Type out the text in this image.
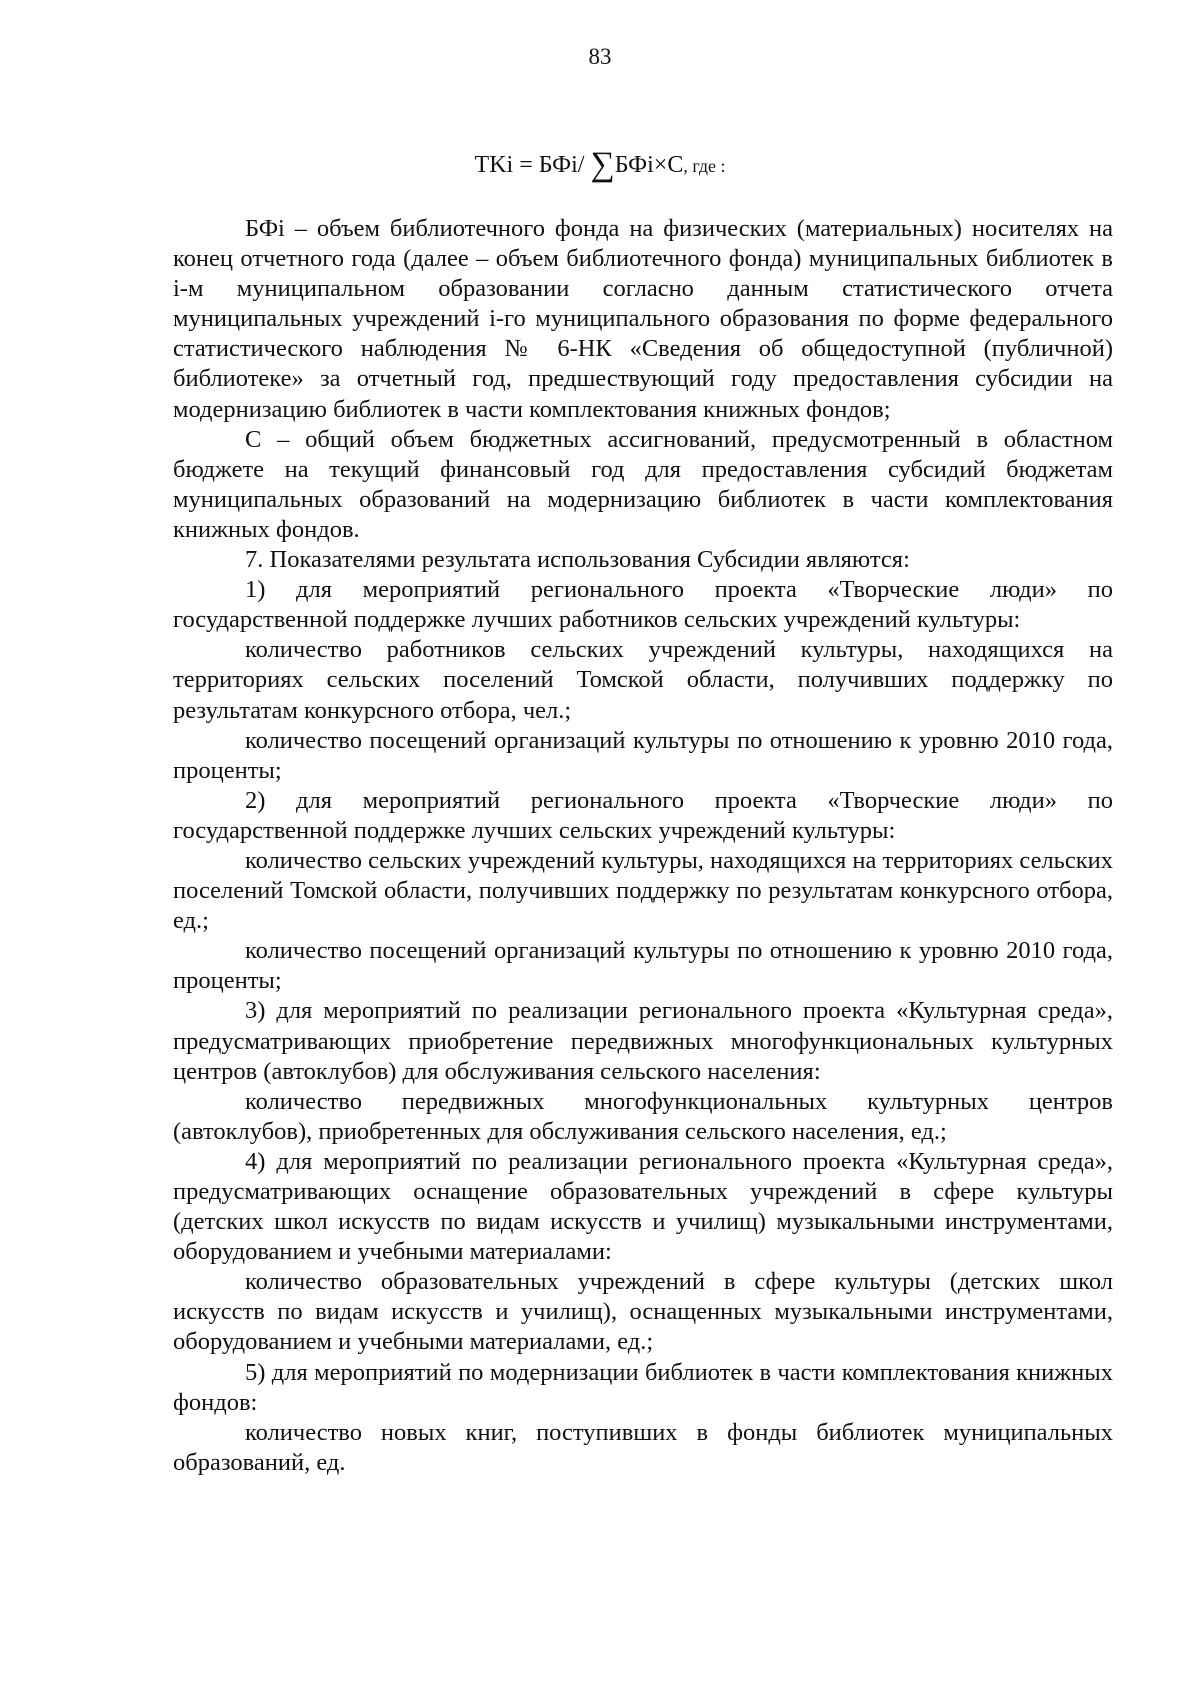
83
TKi = БФi/ ∑БФi×C, где :

БФi – объем библиотечного фонда на физических (материальных) носителях на конец отчетного года (далее – объем библиотечного фонда) муниципальных библиотек в i-м муниципальном образовании согласно данным статистического отчета муниципальных учреждений i-го муниципального образования по форме федерального статистического наблюдения № 6-НК «Сведения об общедоступной (публичной) библиотеке» за отчетный год, предшествующий году предоставления субсидии на модернизацию библиотек в части комплектования книжных фондов;

С – общий объем бюджетных ассигнований, предусмотренный в областном бюджете на текущий финансовый год для предоставления субсидий бюджетам муниципальных образований на модернизацию библиотек в части комплектования книжных фондов.

7. Показателями результата использования Субсидии являются:

1) для мероприятий регионального проекта «Творческие люди» по государственной поддержке лучших работников сельских учреждений культуры:

количество работников сельских учреждений культуры, находящихся на территориях сельских поселений Томской области, получивших поддержку по результатам конкурсного отбора, чел.;

количество посещений организаций культуры по отношению к уровню 2010 года, проценты;

2) для мероприятий регионального проекта «Творческие люди» по государственной поддержке лучших сельских учреждений культуры:

количество сельских учреждений культуры, находящихся на территориях сельских поселений Томской области, получивших поддержку по результатам конкурсного отбора, ед.;

количество посещений организаций культуры по отношению к уровню 2010 года, проценты;

3) для мероприятий по реализации регионального проекта «Культурная среда», предусматривающих приобретение передвижных многофункциональных культурных центров (автоклубов) для обслуживания сельского населения:

количество передвижных многофункциональных культурных центров (автоклубов), приобретенных для обслуживания сельского населения, ед.;

4) для мероприятий по реализации регионального проекта «Культурная среда», предусматривающих оснащение образовательных учреждений в сфере культуры (детских школ искусств по видам искусств и училищ) музыкальными инструментами, оборудованием и учебными материалами:

количество образовательных учреждений в сфере культуры (детских школ искусств по видам искусств и училищ), оснащенных музыкальными инструментами, оборудованием и учебными материалами, ед.;

5) для мероприятий по модернизации библиотек в части комплектования книжных фондов:

количество новых книг, поступивших в фонды библиотек муниципальных образований, ед.
